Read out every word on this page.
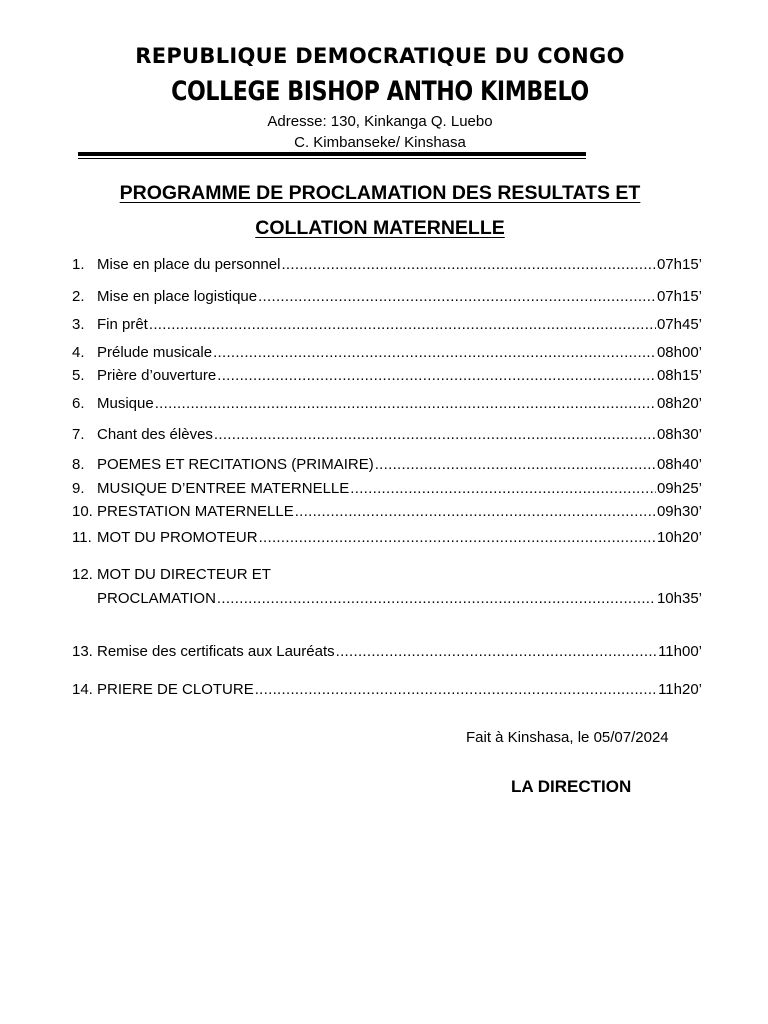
REPUBLIQUE DEMOCRATIQUE DU CONGO
COLLEGE BISHOP ANTHO KIMBELO
Adresse: 130, Kinkanga Q. Luebo
C. Kimbanseke/ Kinshasa
PROGRAMME DE PROCLAMATION DES RESULTATS ET
COLLATION MATERNELLE
1. Mise en place du personnel .....	07h15’
2. Mise en place logistique .....	07h15’
3. Fin prêt .....	07h45’
4. Prélude musicale .....	08h00’
5. Prière d’ouverture .....	08h15’
6. Musique .....	08h20’
7. Chant des élèves .....	08h30’
8. POEMES ET RECITATIONS (PRIMAIRE) .....	08h40’
9. MUSIQUE D’ENTREE MATERNELLE .....	09h25’
10. PRESTATION MATERNELLE .....	09h30’
11. MOT DU PROMOTEUR .....	10h20’
12. MOT DU DIRECTEUR ET
PROCLAMATION .....	10h35’
13. Remise des certificats aux Lauréats .....	11h00’
14. PRIERE DE CLOTURE .....	11h20’
Fait à Kinshasa, le 05/07/2024
LA DIRECTION
